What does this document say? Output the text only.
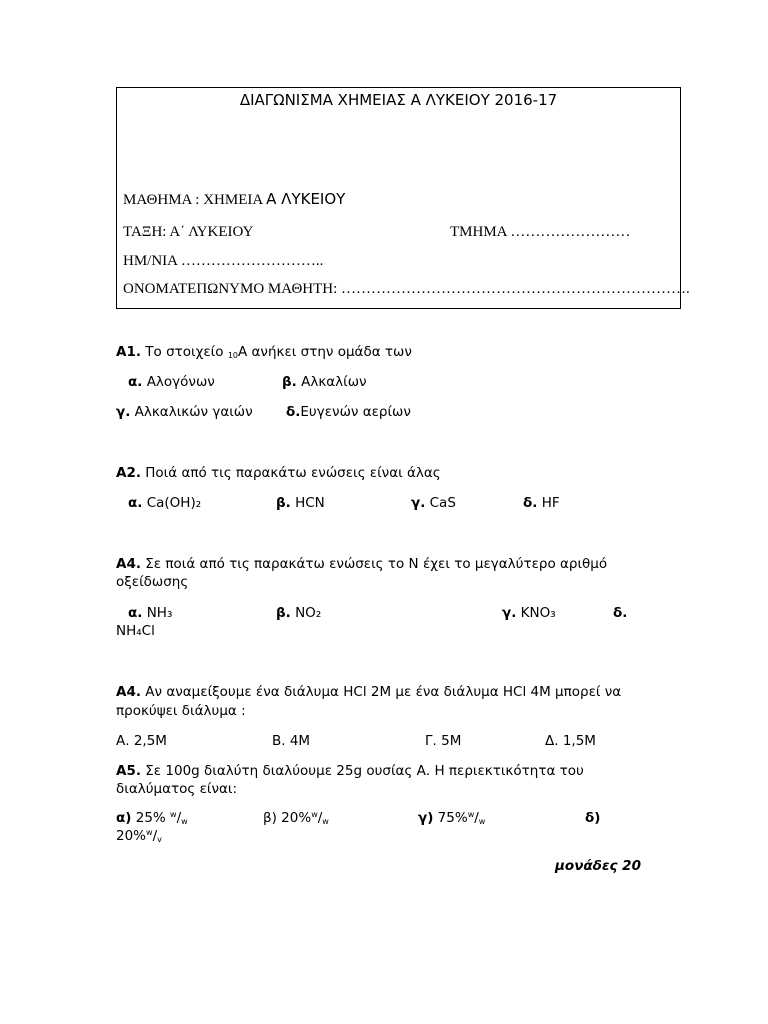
ΔΙΑΓΩΝΙΣΜΑ ΧΗΜΕΙΑΣ Α ΛΥΚΕΙΟΥ 2016-17
ΜΑΘΗΜΑ : ΧΗΜΕΙΑ Α ΛΥΚΕΙΟΥ
ΤΑΞΗ: Α΄ ΛΥΚΕΙΟΥ	ΤΜΗΜΑ ……………………
ΗΜ/ΝΙΑ ………………………..
ΟΝΟΜΑΤΕΠΩΝΥΜΟ ΜΑΘΗΤΗ: …………………………………………………………….
Α1. Το στοιχείο $_{10}$Α ανήκει στην ομάδα των
α. Αλογόνων	β. Αλκαλίων
γ. Αλκαλικών γαιών δ.Ευγενών αερίων
Α2. Ποιά από τις παρακάτω ενώσεις είναι άλας
α. Ca(OH)₂	β. HCN	γ. CaS	δ. HF
Α4. Σε ποιά από τις παρακάτω ενώσεις το Ν έχει το μεγαλύτερο αριθμό
οξείδωσης
α. NH₃	β. NO₂	γ. KNO₃	δ.
NH₄Cl
Α4. Αν αναμείξουμε ένα διάλυμα HCl 2M με ένα διάλυμα HCl 4M μπορεί να
προκύψει διάλυμα :
Α. 2,5Μ	Β. 4Μ	Γ. 5Μ	Δ. 1,5Μ
Α5. Σε 100g διαλύτη διαλύουμε 25g ουσίας Α. Η περιεκτικότητα του
διαλύματος είναι:
α) 25% $^w/_w$	β) $20\%^w/_w$	γ) $75\%^w/_w$	δ)
$20\%^w/_v$
μονάδες 20
